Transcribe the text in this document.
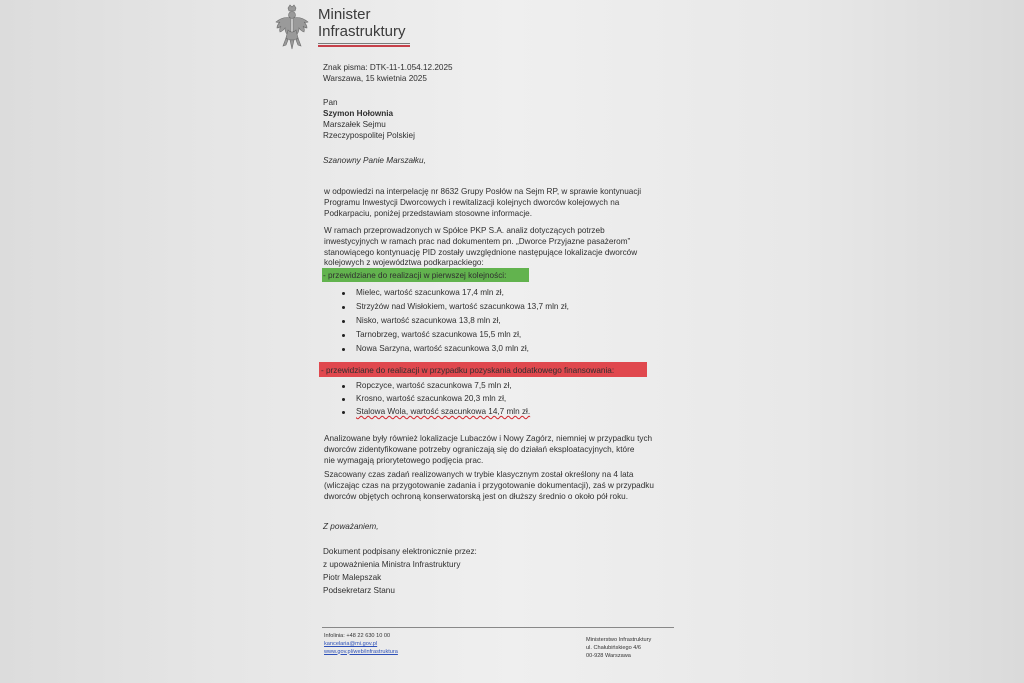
Minister
Infrastruktury
Znak pisma: DTK-11-1.054.12.2025
Warszawa, 15 kwietnia 2025
Pan
Szymon Hołownia
Marszałek Sejmu
Rzeczypospolitej Polskiej
Szanowny Panie Marszałku,
w odpowiedzi na interpelację nr 8632 Grupy Posłów na Sejm RP, w sprawie kontynuacji
Programu Inwestycji Dworcowych i rewitalizacji kolejnych dworców kolejowych na
Podkarpaciu, poniżej przedstawiam stosowne informacje.
W ramach przeprowadzonych w Spółce PKP S.A. analiz dotyczących potrzeb
inwestycyjnych w ramach prac nad dokumentem pn. „Dworce Przyjazne pasażerom”
stanowiącego kontynuację PID zostały uwzględnione następujące lokalizacje dworców
kolejowych z województwa podkarpackiego:
- przewidziane do realizacji w pierwszej kolejności:
Mielec, wartość szacunkowa 17,4 mln zł,
Strzyżów nad Wisłokiem, wartość szacunkowa 13,7 mln zł,
Nisko, wartość szacunkowa 13,8 mln zł,
Tarnobrzeg, wartość szacunkowa 15,5 mln zł,
Nowa Sarzyna, wartość szacunkowa 3,0 mln zł,
- przewidziane do realizacji w przypadku pozyskania dodatkowego finansowania:
Ropczyce, wartość szacunkowa 7,5 mln zł,
Krosno, wartość szacunkowa 20,3 mln zł,
Stalowa Wola, wartość szacunkowa 14,7 mln zł.
Analizowane były również lokalizacje Lubaczów i Nowy Zagórz, niemniej w przypadku tych
dworców zidentyfikowane potrzeby ograniczają się do działań eksploatacyjnych, które
nie wymagają priorytetowego podjęcia prac.
Szacowany czas zadań realizowanych w trybie klasycznym został określony na 4 lata
(wliczając czas na przygotowanie zadania i przygotowanie dokumentacji), zaś w przypadku
dworców objętych ochroną konserwatorską jest on dłuższy średnio o około pół roku.
Z poważaniem,
Dokument podpisany elektronicznie przez:
z upoważnienia Ministra Infrastruktury
Piotr Malepszak
Podsekretarz Stanu
Infolinia: +48 22 630 10 00
kancelaria@mi.gov.pl
www.gov.pl/web/infrastruktura
Ministerstwo Infrastruktury
ul. Chałubińskiego 4/6
00-928 Warszawa
